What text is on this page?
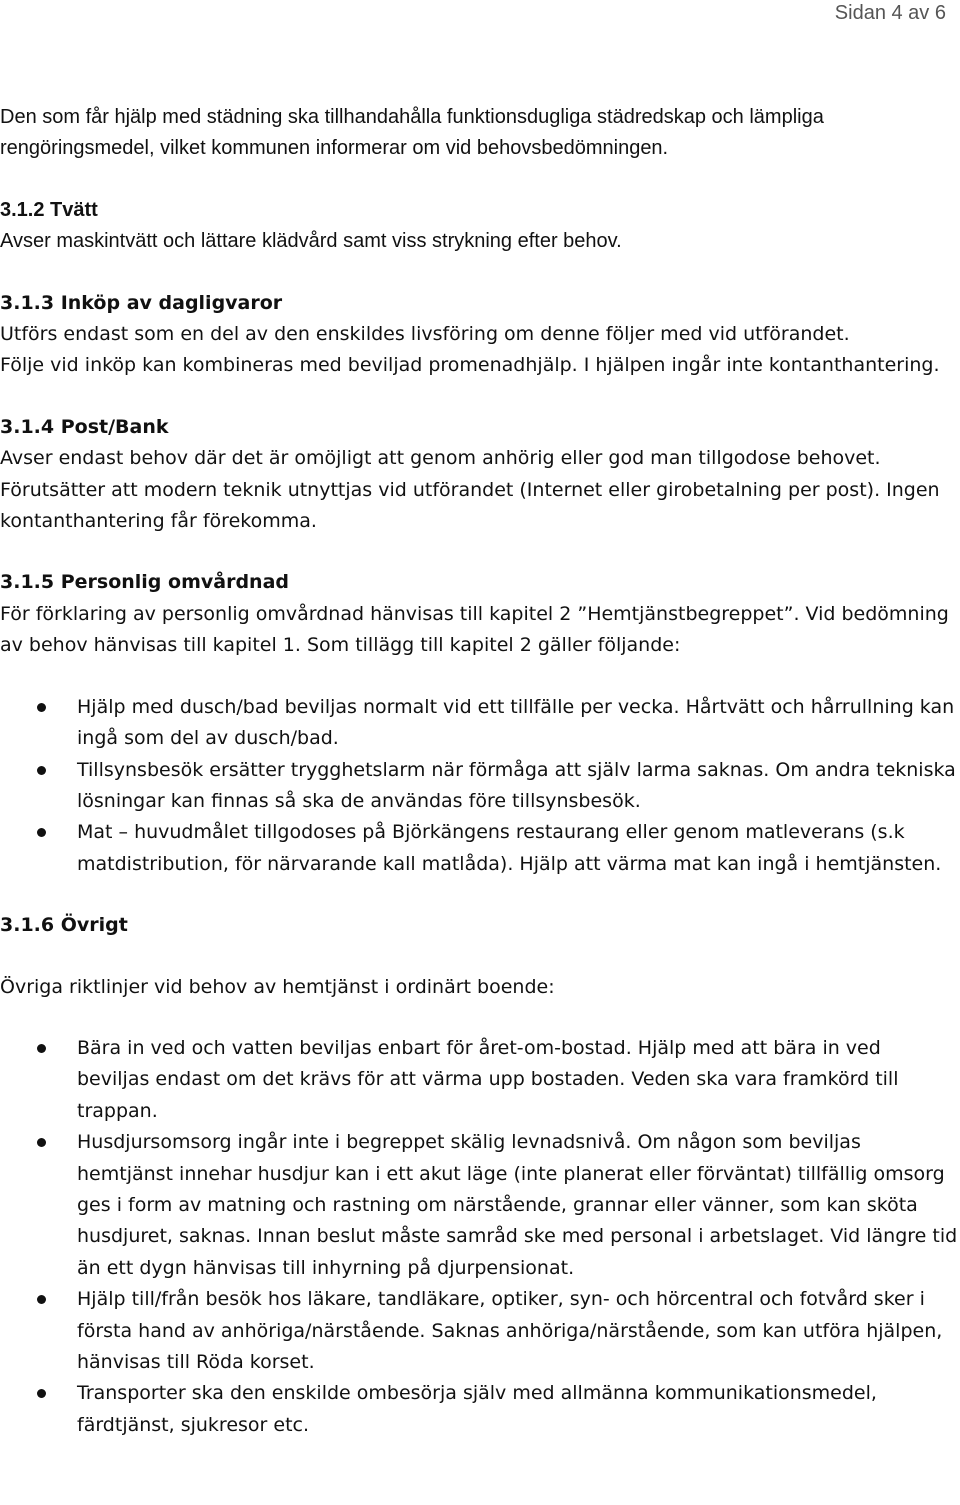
Sidan 4 av 6

Den som får hjälp med städning ska tillhandahålla funktionsdugliga städredskap och lämpliga rengöringsmedel, vilket kommunen informerar om vid behovsbedömningen.

3.1.2 Tvätt

Avser maskintvätt och lättare klädvård samt viss strykning efter behov.

3.1.3 Inköp av dagligvaror

Utförs endast som en del av den enskildes livsföring om denne följer med vid utförandet.

Följe vid inköp kan kombineras med beviljad promenadhjälp. I hjälpen ingår inte kontanthantering.

3.1.4 Post/Bank

Avser endast behov där det är omöjligt att genom anhörig eller god man tillgodose behovet. Förutsätter att modern teknik utnyttjas vid utförandet (Internet eller girobetalning per post). Ingen kontanthantering får förekomma.

3.1.5 Personlig omvårdnad

För förklaring av personlig omvårdnad hänvisas till kapitel 2 ”Hemtjänstbegreppet”. Vid bedömning av behov hänvisas till kapitel 1. Som tillägg till kapitel 2 gäller följande:

Hjälp med dusch/bad beviljas normalt vid ett tillfälle per vecka. Hårtvätt och hårrullning kan ingå som del av dusch/bad.
Tillsynsbesök ersätter trygghetslarm när förmåga att själv larma saknas. Om andra tekniska lösningar kan finnas så ska de användas före tillsynsbesök.
Mat – huvudmålet tillgodoses på Björkängens restaurang eller genom matleverans (s.k matdistribution, för närvarande kall matlåda). Hjälp att värma mat kan ingå i hemtjänsten.

3.1.6 Övrigt

Övriga riktlinjer vid behov av hemtjänst i ordinärt boende:

Bära in ved och vatten beviljas enbart för året-om-bostad. Hjälp med att bära in ved beviljas endast om det krävs för att värma upp bostaden. Veden ska vara framkörd till trappan.
Husdjursomsorg ingår inte i begreppet skälig levnadsnivå. Om någon som beviljas hemtjänst innehar husdjur kan i ett akut läge (inte planerat eller förväntat) tillfällig omsorg ges i form av matning och rastning om närstående, grannar eller vänner, som kan sköta husdjuret, saknas. Innan beslut måste samråd ske med personal i arbetslaget. Vid längre tid än ett dygn hänvisas till inhyrning på djurpensionat.
Hjälp till/från besök hos läkare, tandläkare, optiker, syn- och hörcentral och fotvård sker i första hand av anhöriga/närstående. Saknas anhöriga/närstående, som kan utföra hjälpen, hänvisas till Röda korset.
Transporter ska den enskilde ombesörja själv med allmänna kommunikationsmedel, färdtjänst, sjukresor etc.
